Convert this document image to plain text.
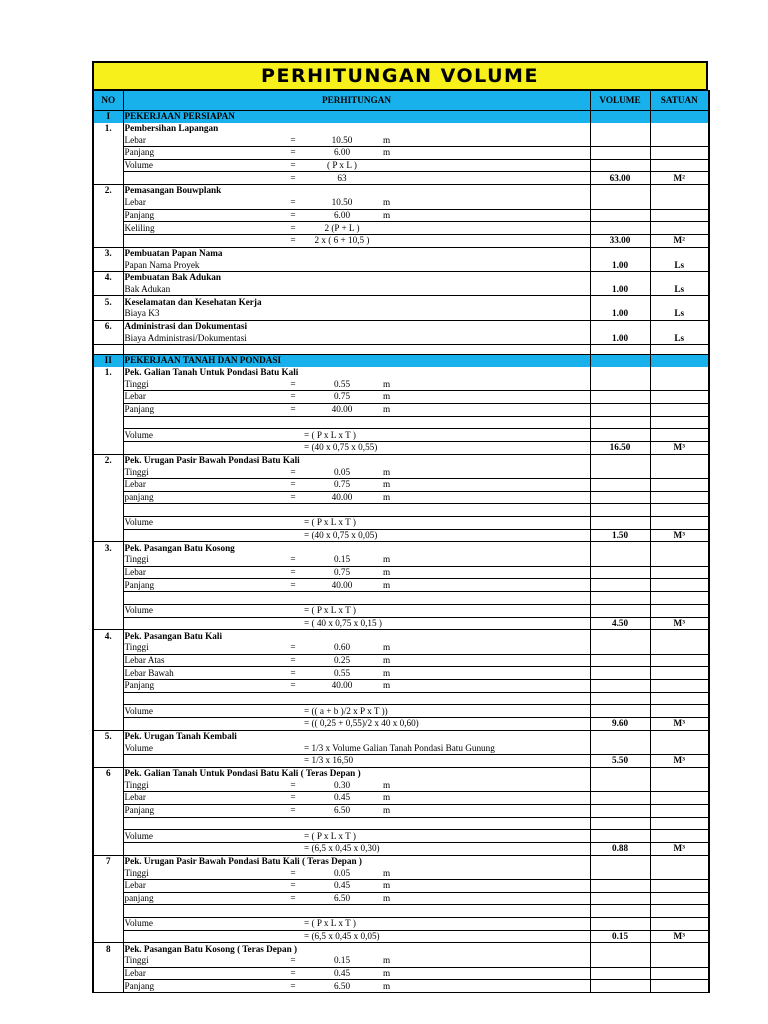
PERHITUNGAN VOLUME
NO	PERHITUNGAN					VOLUME	SATUAN
I	PEKERJAAN PERSIAPAN						
1.	Pembersihan Lapangan						
	Lebar	=	10.50	m			
	Panjang	=	6.00	m			
	Volume	=	( P x L )				
		=	63			63.00	M²
2.	Pemasangan Bouwplank						
	Lebar	=	10.50	m			
	Panjang	=	6.00	m			
	Keliling	=	2 (P + L )				
		=	2 x ( 6 + 10,5 )			33.00	M²
3.	Pembuatan Papan Nama						
	Papan Nama Proyek					1.00	Ls
4.	Pembuatan Bak Adukan						
	Bak Adukan					1.00	Ls
5.	Keselamatan dan Kesehatan Kerja						
	Biaya K3					1.00	Ls
6.	Administrasi dan Dokumentasi						
	Biaya Administrasi/Dokumentasi					1.00	Ls

II	PEKERJAAN TANAH DAN PONDASI						
1.	Pek. Galian Tanah Untuk Pondasi Batu Kali						
	Tinggi	=	0.55	m			
	Lebar	=	0.75	m			
	Panjang	=	40.00	m			

	Volume		= ( P x L x T )				
			= (40 x 0,75 x 0,55)			16.50	M³
2.	Pek. Urugan Pasir Bawah Pondasi Batu Kali						
	Tinggi	=	0.05	m			
	Lebar	=	0.75	m			
	panjang	=	40.00	m			

	Volume		= ( P x L x T )				
			= (40 x 0,75 x 0,05)			1.50	M³
3.	Pek. Pasangan Batu Kosong						
	Tinggi	=	0.15	m			
	Lebar	=	0.75	m			
	Panjang	=	40.00	m			

	Volume		= ( P x L x T )				
			= ( 40 x 0,75 x 0,15 )			4.50	M³
4.	Pek. Pasangan Batu Kali						
	Tinggi	=	0.60	m			
	Lebar Atas	=	0.25	m			
	Lebar Bawah	=	0.55	m			
	Panjang	=	40.00	m			

	Volume		= (( a + b )/2 x P x T ))				
			= (( 0,25 + 0,55)/2 x 40 x 0,60)			9.60	M³
5.	Pek. Urugan Tanah Kembali						
	Volume		= 1/3 x Volume Galian Tanah Pondasi Batu Gunung				
			= 1/3 x 16,50			5.50	M³
6	Pek. Galian Tanah Untuk Pondasi Batu Kali ( Teras Depan )						
	Tinggi	=	0.30	m			
	Lebar	=	0.45	m			
	Panjang	=	6.50	m			

	Volume		= ( P x L x T )				
			= (6,5 x 0,45 x 0,30)			0.88	M³
7	Pek. Urugan Pasir Bawah Pondasi Batu Kali ( Teras Depan )						
	Tinggi	=	0.05	m			
	Lebar	=	0.45	m			
	panjang	=	6.50	m			

	Volume		= ( P x L x T )				
			= (6,5 x 0,45 x 0,05)			0.15	M³
8	Pek. Pasangan Batu Kosong ( Teras Depan )						
	Tinggi	=	0.15	m			
	Lebar	=	0.45	m			
	Panjang	=	6.50	m			
